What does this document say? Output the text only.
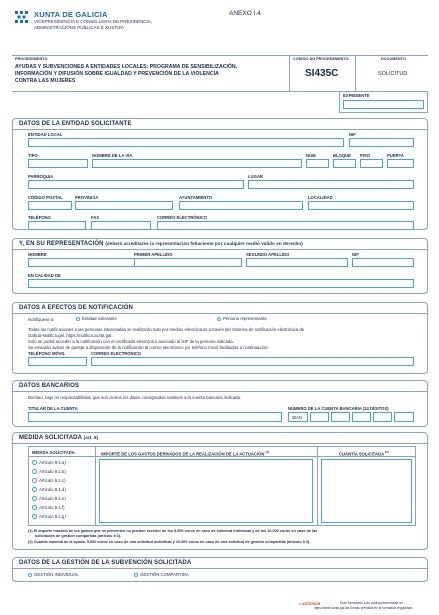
XUNTA DE GALICIA
VICEPRESIDENCIA E CONSELLERÍA DE PRESIDENCIA,
ADMINISTRACIÓNS PÚBLICAS E XUSTIZA
ANEXO I.4
PROCEDEMENTO
AYUDAS Y SUBVENCIONES A ENTIDADES LOCALES: PROGRAMA DE SENSIBILIZACIÓN,
INFORMACIÓN Y DIFUSIÓN SOBRE IGUALDAD Y PREVENCIÓN DE LA VIOLENCIA
CONTRA LAS MUJERES
CÓDIGO DO PROCEDEMENTO
SI435C
DOCUMENTO
SOLICITUD
EXPEDIENTE
DATOS DE LA ENTIDAD SOLICITANTE
ENTIDAD LOCAL	NIF
TIPO	NOMBRE DE LA VÍA	NÚM.	BLOQUE PISO	PUERTA
PARROQUIA	LUGAR
CÓDIGO POSTAL	PROVINCIA	AYUNTAMIENTO	LOCALIDAD
TELÉFONO	FAX	CORREO ELECTRÓNICO
Y, EN SU REPRESENTACIÓN (deberá acreditarse la representación fehaciente por cualquier medio válido en derecho)
NOMBRE	PRIMER APELLIDO	SEGUNDO APELLIDO	NIF
EN CALIDAD DE
DATOS A EFECTOS DE NOTIFICACIÓN
Notifíquese a:	Entidad solicitante	Persona representante
Todas las notificaciones a las personas interesadas se realizarán solo por medios electrónicos a través del Sistema de notificación electrónica de
Galicia-Notifica.gal, https://notifica.xunta.gal.
Solo se podrá acceder a la notificación con el certificado electrónico asociado al NIF de la persona indicada.
Se enviarán avisos de puesta a disposición de la notificación al correo electrónico y/o teléfono móvil facilitados a continuación:
TELÉFONO MÓVIL	CORREO ELECTRÓNICO
DATOS BANCARIOS
Declaro, bajo mi responsabilidad, que son ciertos los datos consignados relativos a la cuenta bancaria indicada.
TITULAR DE LA CUENTA	NÚMERO DE LA CUENTA BANCARIA (24 DÍGITOS)
IBAN
MEDIDA SOLICITADA (art. 9)
MEDIDA SOLICITADA	IMPORTE DE LOS GASTOS DERIVADOS DE LA REALIZACIÓN DE LA ACTUACIÓN $^{(1)}$	CUANTÍA SOLICITADA $^{(2)}$
Artículo 9.1.a)
Artículo 9.1.b)
Artículo 9.1.c)
Artículo 9.1.d)
Artículo 9.1.e)
Artículo 9.1.f)
Artículo 9.1.g)
(1) El importe máximo de los gastos que se presenten no pueden exceder de los 5.000 euros en caso de solicitud individual y de los 10.000 euros en caso de las
solicitudes de gestión compartida (artículo 9.3).
(2) Cuantía máxima de la ayuda: 5.000 euros en caso de una solicitud individual y 10.000 euros en caso de una solicitud de gestión compartida (artículo 9.3).
DATOS DE LA GESTIÓN DE LA SUBVENCIÓN SOLICITADA
GESTIÓN INDIVIDUAL	GESTIÓN COMPARTIDA
● ANTERIOR	Este formulario solo podrá presentarse en
https://sede.xunta.gal las formas previstas en la normativa reguladora
